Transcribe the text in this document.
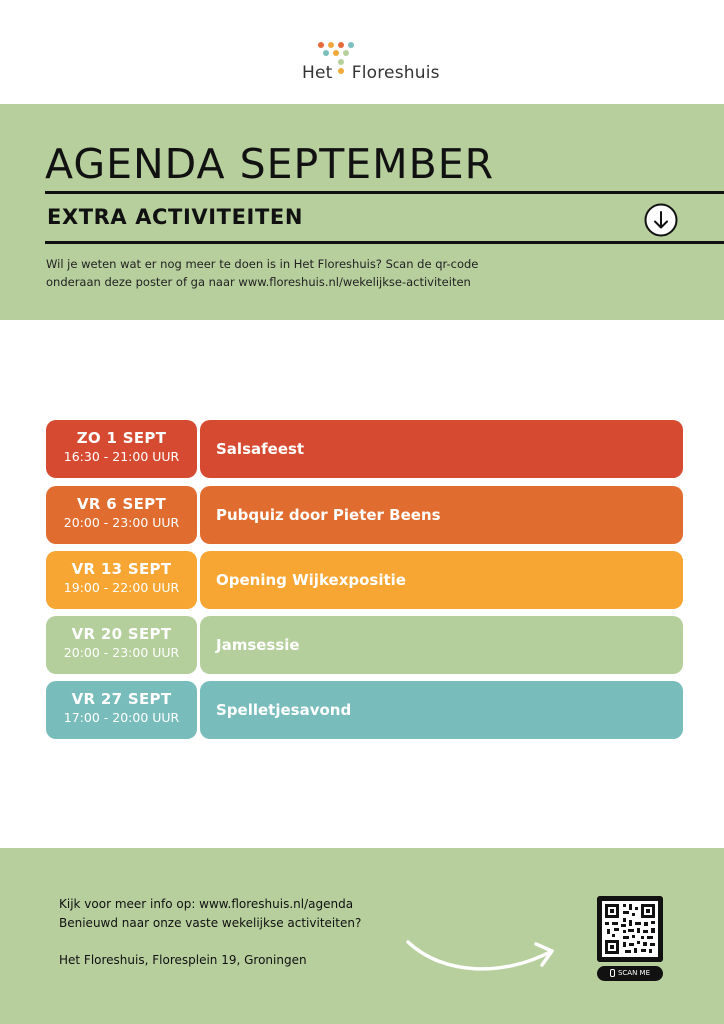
Het Floreshuis
AGENDA SEPTEMBER
EXTRA ACTIVITEITEN

Wil je weten wat er nog meer te doen is in Het Floreshuis? Scan de qr-code
onderaan deze poster of ga naar www.floreshuis.nl/wekelijkse-activiteiten

ZO 1 SEPT
16:30 - 21:00 UUR	Salsafeest
VR 6 SEPT
20:00 - 23:00 UUR	Pubquiz door Pieter Beens
VR 13 SEPT
19:00 - 22:00 UUR	Opening Wijkexpositie
VR 20 SEPT
20:00 - 23:00 UUR	Jamsessie
VR 27 SEPT
17:00 - 20:00 UUR	Spelletjesavond

Kijk voor meer info op: www.floreshuis.nl/agenda

Benieuwd naar onze vaste wekelijkse activiteiten?

Het Floreshuis, Floresplein 19, Groningen

SCAN ME
